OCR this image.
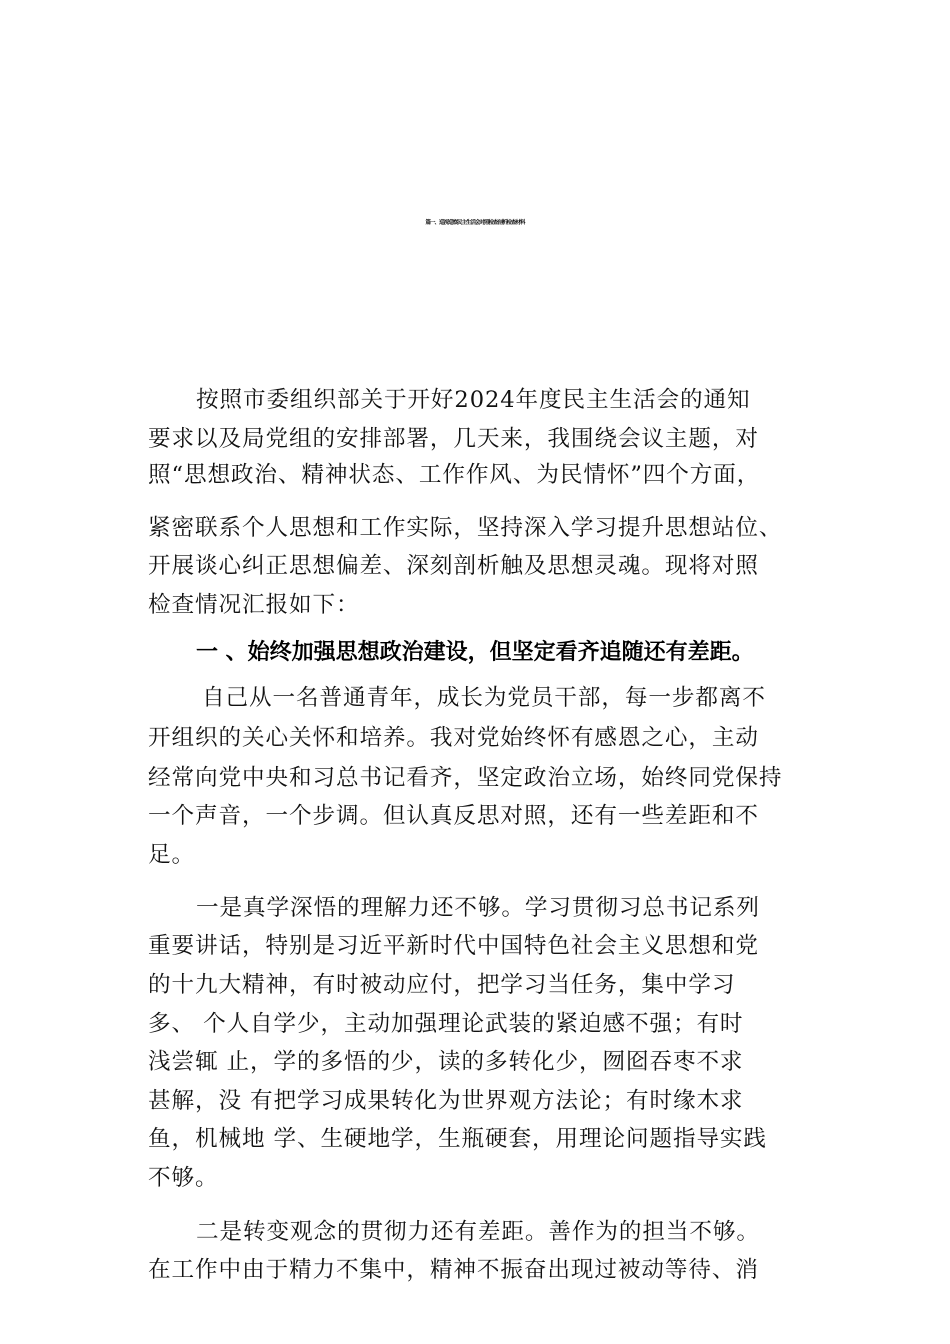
篇一、巡视巡察民主生活会对照检查剖析检查材料
按照市委组织部关于开好2024年度民主生活会的通知
要求以及局党组的安排部署，几天来，我围绕会议主题，对
照“思想政治、精神状态、工作作风、为民情怀”四个方面，
紧密联系个人思想和工作实际，坚持深入学习提升思想站位、
开展谈心纠正思想偏差、深刻剖析触及思想灵魂。现将对照
检查情况汇报如下：
一 、始终加强思想政治建设，但坚定看齐追随还有差距。
自己从一名普通青年，成长为党员干部，每一步都离不
开组织的关心关怀和培养。我对党始终怀有感恩之心，主动
经常向党中央和习总书记看齐，坚定政治立场，始终同党保持
一个声音，一个步调。但认真反思对照，还有一些差距和不
足。
一是真学深悟的理解力还不够。学习贯彻习总书记系列
重要讲话，特别是习近平新时代中国特色社会主义思想和党
的十九大精神，有时被动应付，把学习当任务，集中学习
多、 个人自学少，主动加强理论武装的紧迫感不强；有时
浅尝辄 止，学的多悟的少，读的多转化少，囫囵吞枣不求
甚解，没 有把学习成果转化为世界观方法论；有时缘木求
鱼，机械地 学、生硬地学，生瓶硬套，用理论问题指导实践
不够。
二是转变观念的贯彻力还有差距。善作为的担当不够。
在工作中由于精力不集中，精神不振奋出现过被动等待、消
